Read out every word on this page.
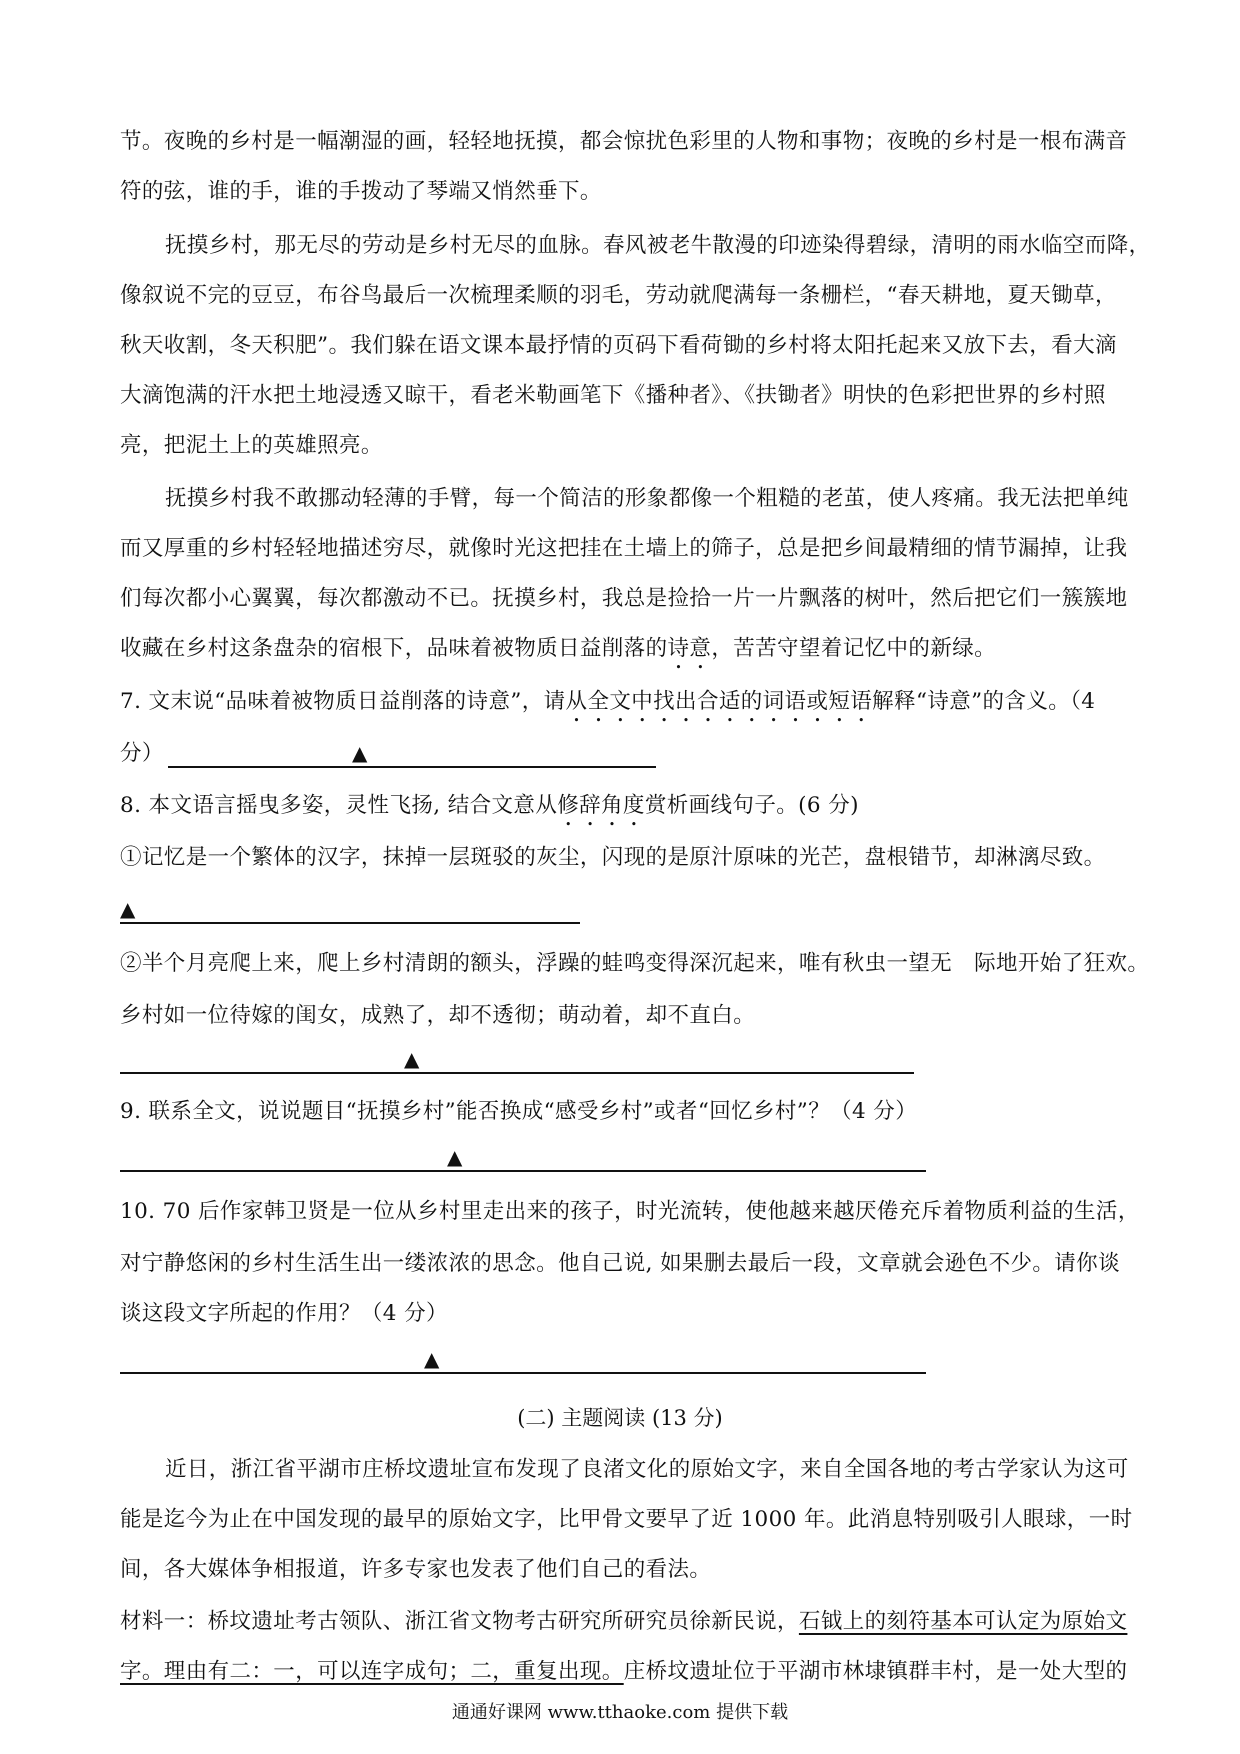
节。夜晚的乡村是一幅潮湿的画，轻轻地抚摸，都会惊扰色彩里的人物和事物；夜晚的乡村是一根布满音
符的弦，谁的手，谁的手拨动了琴端又悄然垂下。
抚摸乡村，那无尽的劳动是乡村无尽的血脉。春风被老牛散漫的印迹染得碧绿，清明的雨水临空而降，
像叙说不完的豆豆，布谷鸟最后一次梳理柔顺的羽毛，劳动就爬满每一条栅栏，“春天耕地，夏天锄草，
秋天收割，冬天积肥”。我们躲在语文课本最抒情的页码下看荷锄的乡村将太阳托起来又放下去，看大滴
大滴饱满的汗水把土地浸透又晾干，看老米勒画笔下《播种者》、《扶锄者》明快的色彩把世界的乡村照
亮，把泥土上的英雄照亮。
抚摸乡村我不敢挪动轻薄的手臂，每一个简洁的形象都像一个粗糙的老茧，使人疼痛。我无法把单纯
而又厚重的乡村轻轻地描述穷尽，就像时光这把挂在土墙上的筛子，总是把乡间最精细的情节漏掉，让我
们每次都小心翼翼，每次都激动不已。抚摸乡村，我总是捡拾一片一片飘落的树叶，然后把它们一簇簇地
收藏在乡村这条盘杂的宿根下，品味着被物质日益削落的诗意，苦苦守望着记忆中的新绿。
7. 文末说“品味着被物质日益削落的诗意”，请从全文中找出合适的词语或短语解释“诗意”的含义。（4
分）	▲
8. 本文语言摇曳多姿，灵性飞扬, 结合文意从修辞角度赏析画线句子。(6 分)
①记忆是一个繁体的汉字，抹掉一层斑驳的灰尘，闪现的是原汁原味的光芒，盘根错节，却淋漓尽致。
▲
②半个月亮爬上来，爬上乡村清朗的额头，浮躁的蛙鸣变得深沉起来，唯有秋虫一望无　际地开始了狂欢。
乡村如一位待嫁的闺女，成熟了，却不透彻；萌动着，却不直白。
▲
9. 联系全文，说说题目“抚摸乡村”能否换成“感受乡村”或者“回忆乡村”？（4 分）
▲
10. 70 后作家韩卫贤是一位从乡村里走出来的孩子，时光流转，使他越来越厌倦充斥着物质利益的生活，
对宁静悠闲的乡村生活生出一缕浓浓的思念。他自己说, 如果删去最后一段，文章就会逊色不少。请你谈
谈这段文字所起的作用？（4 分）
▲
(二) 主题阅读 (13 分)
近日，浙江省平湖市庄桥坟遗址宣布发现了良渚文化的原始文字，来自全国各地的考古学家认为这可
能是迄今为止在中国发现的最早的原始文字，比甲骨文要早了近 1000 年。此消息特别吸引人眼球，一时
间，各大媒体争相报道，许多专家也发表了他们自己的看法。
材料一：桥坟遗址考古领队、浙江省文物考古研究所研究员徐新民说，石钺上的刻符基本可认定为原始文
字。理由有二：一，可以连字成句；二，重复出现。庄桥坟遗址位于平湖市林埭镇群丰村，是一处大型的
通通好课网 www.tthaoke.com 提供下载
